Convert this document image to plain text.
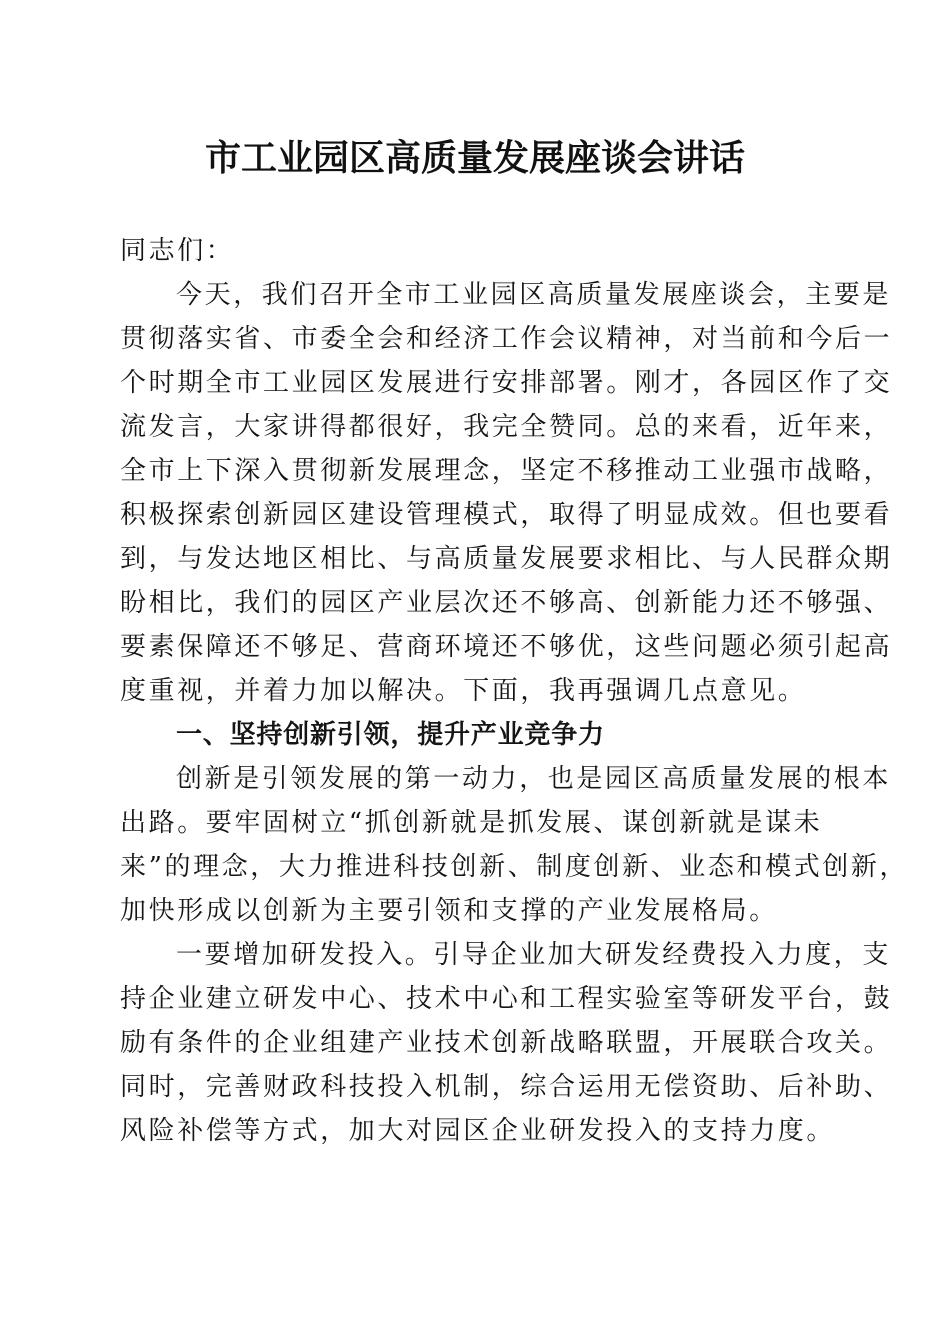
市工业园区高质量发展座谈会讲话
同志们：
今天，我们召开全市工业园区高质量发展座谈会，主要是
贯彻落实省、市委全会和经济工作会议精神，对当前和今后一
个时期全市工业园区发展进行安排部署。刚才，各园区作了交
流发言，大家讲得都很好，我完全赞同。总的来看，近年来，
全市上下深入贯彻新发展理念，坚定不移推动工业强市战略，
积极探索创新园区建设管理模式，取得了明显成效。但也要看
到，与发达地区相比、与高质量发展要求相比、与人民群众期
盼相比，我们的园区产业层次还不够高、创新能力还不够强、
要素保障还不够足、营商环境还不够优，这些问题必须引起高
度重视，并着力加以解决。下面，我再强调几点意见。
一、坚持创新引领，提升产业竞争力
创新是引领发展的第一动力，也是园区高质量发展的根本
出路。要牢固树立“抓创新就是抓发展、谋创新就是谋未
来”的理念，大力推进科技创新、制度创新、业态和模式创新，
加快形成以创新为主要引领和支撑的产业发展格局。
一要增加研发投入。引导企业加大研发经费投入力度，支
持企业建立研发中心、技术中心和工程实验室等研发平台，鼓
励有条件的企业组建产业技术创新战略联盟，开展联合攻关。
同时，完善财政科技投入机制，综合运用无偿资助、后补助、
风险补偿等方式，加大对园区企业研发投入的支持力度。
